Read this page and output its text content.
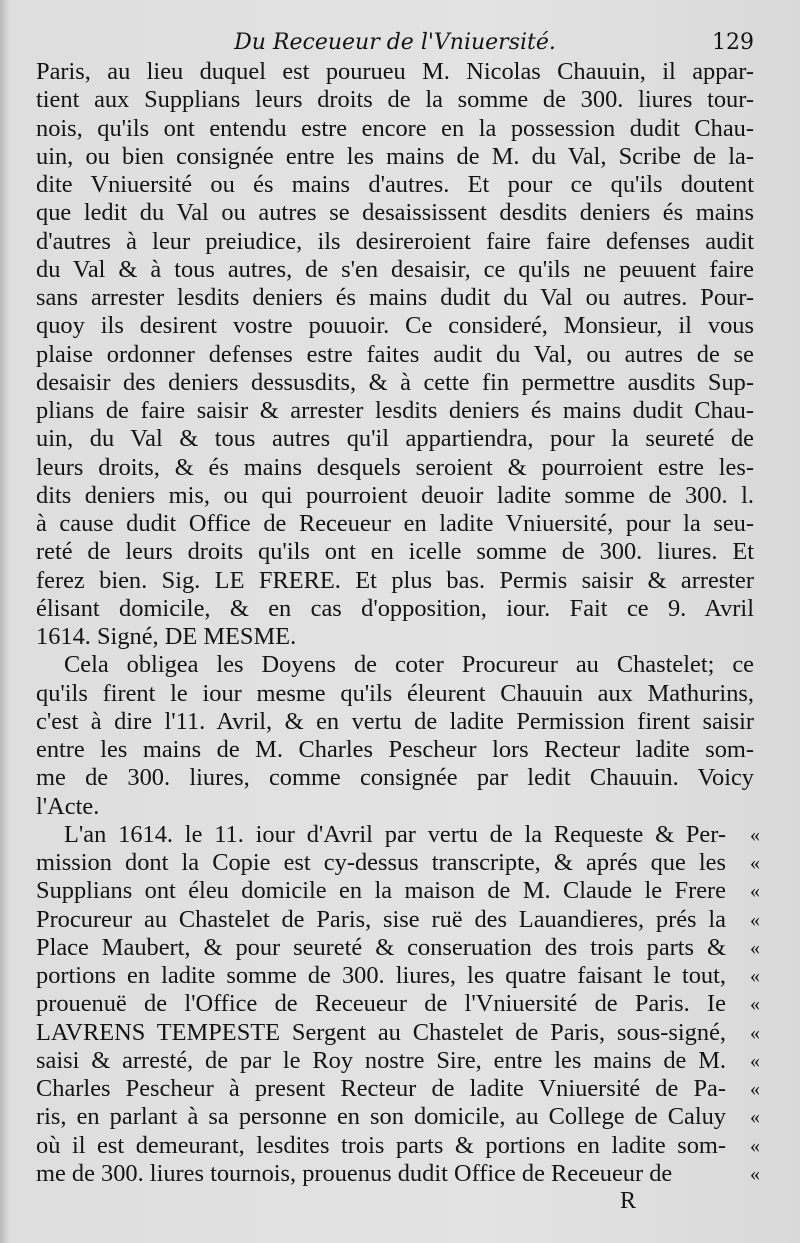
Du Receueur de l'Vniuersité.	129
Paris, au lieu duquel est pourueu M. Nicolas Chauuin, il appar-
tient aux Supplians leurs droits de la somme de 300. liures tour-
nois, qu'ils ont entendu estre encore en la possession dudit Chau-
uin, ou bien consignée entre les mains de M. du Val, Scribe de la-
dite Vniuersité ou és mains d'autres. Et pour ce qu'ils doutent
que ledit du Val ou autres se desaississent desdits deniers és mains
d'autres à leur preiudice, ils desireroient faire faire defenses audit
du Val & à tous autres, de s'en desaisir, ce qu'ils ne peuuent faire
sans arrester lesdits deniers és mains dudit du Val ou autres. Pour-
quoy ils desirent vostre pouuoir. Ce consideré, Monsieur, il vous
plaise ordonner defenses estre faites audit du Val, ou autres de se
desaisir des deniers dessusdits, & à cette fin permettre ausdits Sup-
plians de faire saisir & arrester lesdits deniers és mains dudit Chau-
uin, du Val & tous autres qu'il appartiendra, pour la seureté de
leurs droits, & és mains desquels seroient & pourroient estre les-
dits deniers mis, ou qui pourroient deuoir ladite somme de 300. l.
à cause dudit Office de Receueur en ladite Vniuersité, pour la seu-
reté de leurs droits qu'ils ont en icelle somme de 300. liures. Et
ferez bien. Sig. LE FRERE. Et plus bas. Permis saisir & arrester
élisant domicile, & en cas d'opposition, iour. Fait ce 9. Avril
1614. Signé, DE MESME.
Cela obligea les Doyens de coter Procureur au Chastelet; ce
qu'ils firent le iour mesme qu'ils éleurent Chauuin aux Mathurins,
c'est à dire l'11. Avril, & en vertu de ladite Permission firent saisir
entre les mains de M. Charles Pescheur lors Recteur ladite som-
me de 300. liures, comme consignée par ledit Chauuin. Voicy
l'Acte.
L'an 1614. le 11. iour d'Avril par vertu de la Requeste & Per- «
mission dont la Copie est cy-dessus transcripte, & aprés que les «
Supplians ont éleu domicile en la maison de M. Claude le Frere «
Procureur au Chastelet de Paris, sise ruë des Lauandieres, prés la «
Place Maubert, & pour seureté & conseruation des trois parts & «
portions en ladite somme de 300. liures, les quatre faisant le tout, «
prouenuë de l'Office de Receueur de l'Vniuersité de Paris. Ie «
LAVRENS TEMPESTE Sergent au Chastelet de Paris, sous-signé, «
saisi & arresté, de par le Roy nostre Sire, entre les mains de M. «
Charles Pescheur à present Recteur de ladite Vniuersité de Pa- «
ris, en parlant à sa personne en son domicile, au College de Caluy «
où il est demeurant, lesdites trois parts & portions en ladite som- «
me de 300. liures tournois, prouenus dudit Office de Receueur de	«
R
